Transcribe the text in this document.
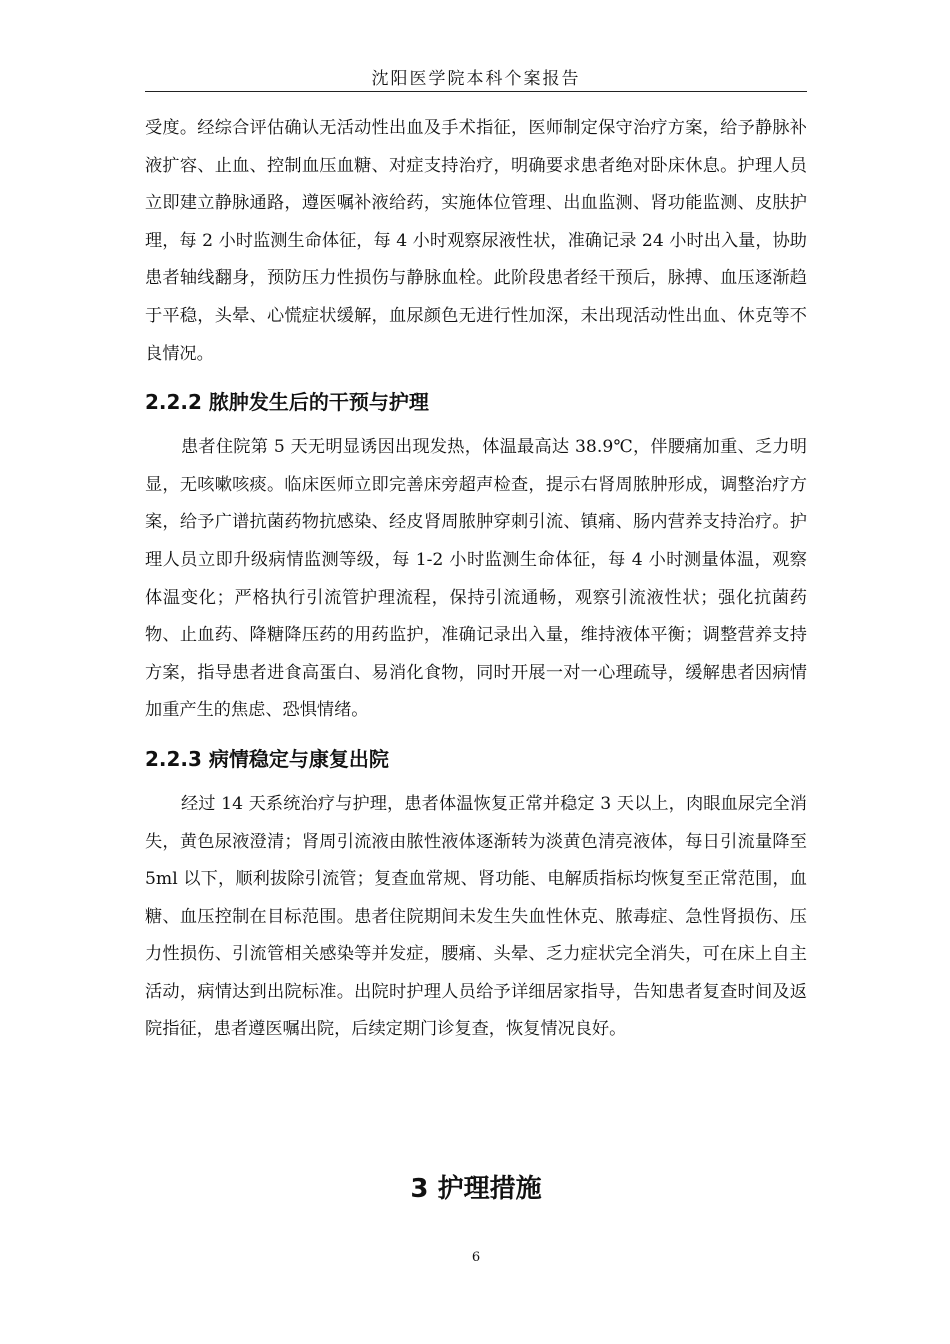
沈阳医学院本科个案报告

受度。经综合评估确认无活动性出血及手术指征，医师制定保守治疗方案，给予静脉补液扩容、止血、控制血压血糖、对症支持治疗，明确要求患者绝对卧床休息。护理人员立即建立静脉通路，遵医嘱补液给药，实施体位管理、出血监测、肾功能监测、皮肤护理，每 2 小时监测生命体征，每 4 小时观察尿液性状，准确记录 24 小时出入量，协助患者轴线翻身，预防压力性损伤与静脉血栓。此阶段患者经干预后，脉搏、血压逐渐趋于平稳，头晕、心慌症状缓解，血尿颜色无进行性加深，未出现活动性出血、休克等不良情况。

2.2.2 脓肿发生后的干预与护理

患者住院第 5 天无明显诱因出现发热，体温最高达 38.9℃，伴腰痛加重、乏力明显，无咳嗽咳痰。临床医师立即完善床旁超声检查，提示右肾周脓肿形成，调整治疗方案，给予广谱抗菌药物抗感染、经皮肾周脓肿穿刺引流、镇痛、肠内营养支持治疗。护理人员立即升级病情监测等级，每 1-2 小时监测生命体征，每 4 小时测量体温，观察体温变化；严格执行引流管护理流程，保持引流通畅，观察引流液性状；强化抗菌药物、止血药、降糖降压药的用药监护，准确记录出入量，维持液体平衡；调整营养支持方案，指导患者进食高蛋白、易消化食物，同时开展一对一心理疏导，缓解患者因病情加重产生的焦虑、恐惧情绪。

2.2.3 病情稳定与康复出院

经过 14 天系统治疗与护理，患者体温恢复正常并稳定 3 天以上，肉眼血尿完全消失，黄色尿液澄清；肾周引流液由脓性液体逐渐转为淡黄色清亮液体，每日引流量降至 5ml 以下，顺利拔除引流管；复查血常规、肾功能、电解质指标均恢复至正常范围，血糖、血压控制在目标范围。患者住院期间未发生失血性休克、脓毒症、急性肾损伤、压力性损伤、引流管相关感染等并发症，腰痛、头晕、乏力症状完全消失，可在床上自主活动，病情达到出院标准。出院时护理人员给予详细居家指导，告知患者复查时间及返院指征，患者遵医嘱出院，后续定期门诊复查，恢复情况良好。

3 护理措施
6
